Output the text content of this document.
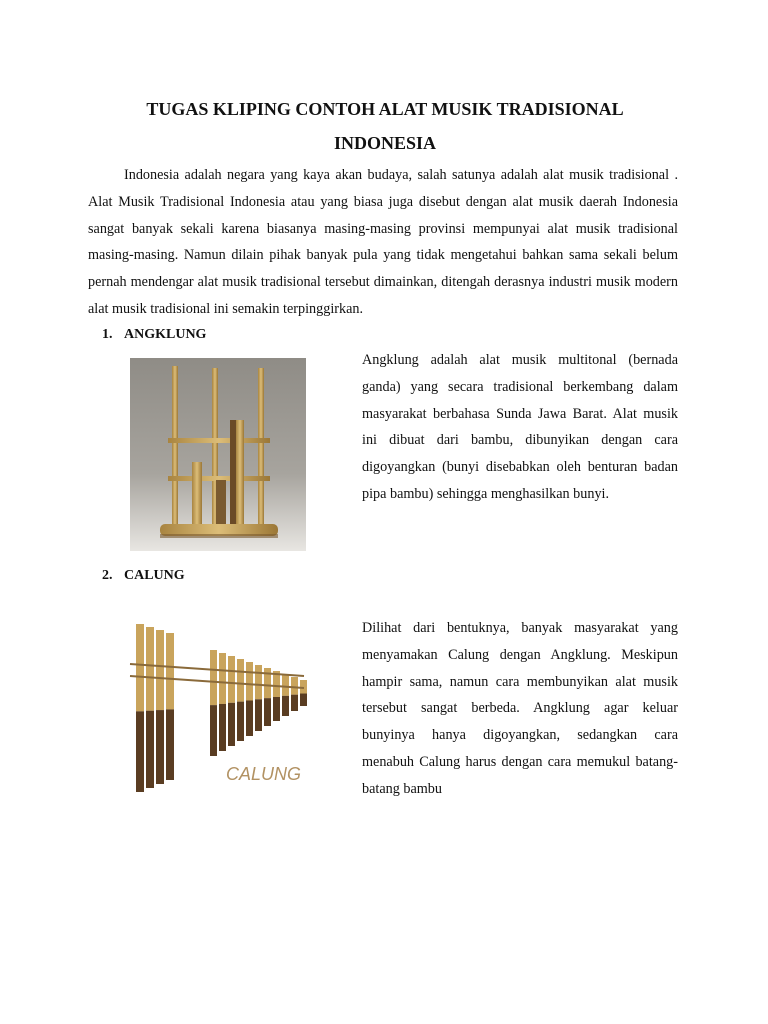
TUGAS KLIPING CONTOH ALAT MUSIK TRADISIONAL INDONESIA

Indonesia adalah negara yang kaya akan budaya, salah satunya adalah alat musik tradisional . Alat Musik Tradisional Indonesia atau yang biasa juga disebut dengan alat musik daerah Indonesia sangat banyak sekali karena biasanya masing-masing provinsi mempunyai alat musik tradisional masing-masing. Namun dilain pihak banyak pula yang tidak mengetahui bahkan sama sekali belum pernah mendengar alat musik tradisional tersebut dimainkan, ditengah derasnya industri musik modern alat musik tradisional ini semakin terpinggirkan.

1. ANGKLUNG

Angklung adalah alat musik multitonal (bernada ganda) yang secara tradisional berkembang dalam masyarakat berbahasa Sunda Jawa Barat. Alat musik ini dibuat dari bambu, dibunyikan dengan cara digoyangkan (bunyi disebabkan oleh benturan badan pipa bambu) sehingga menghasilkan bunyi.

2. CALUNG
CALUNG

Dilihat dari bentuknya, banyak masyarakat yang menyamakan Calung dengan Angklung. Meskipun hampir sama, namun cara membunyikan alat musik tersebut sangat berbeda. Angklung agar keluar bunyinya hanya digoyangkan, sedangkan cara menabuh Calung harus dengan cara memukul batang-batang bambu
